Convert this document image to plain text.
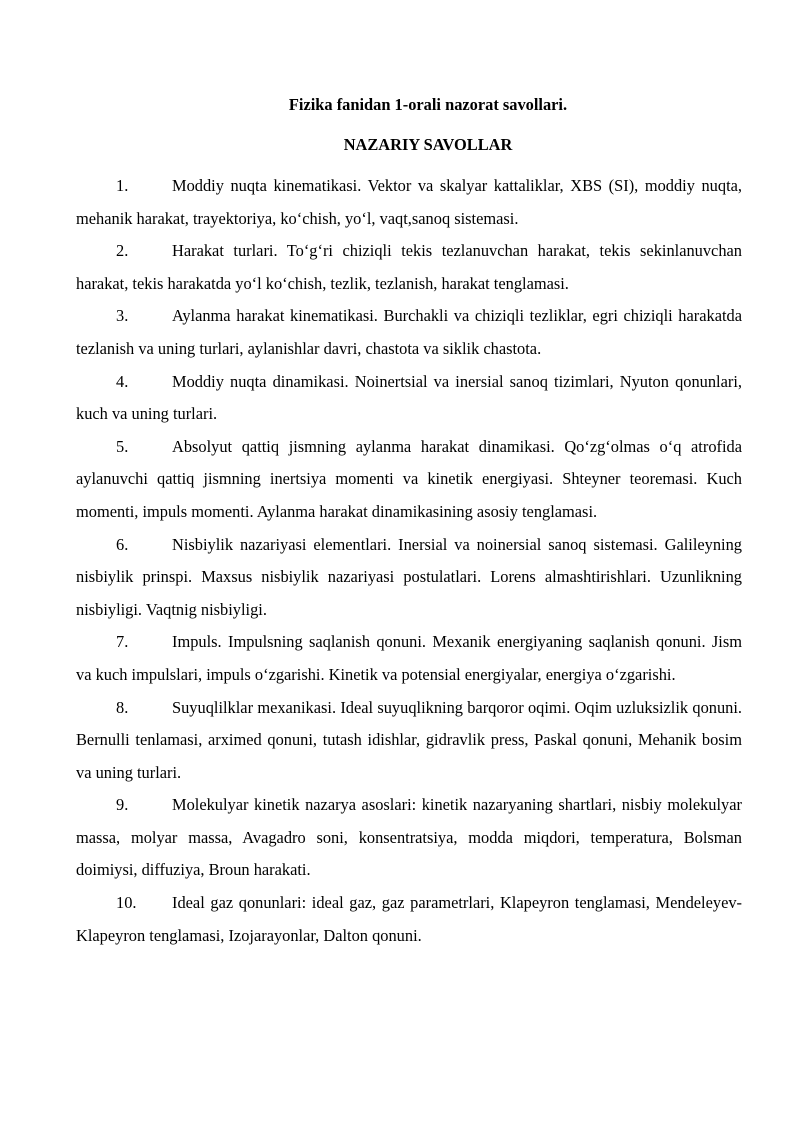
Fizika fanidan 1-orali nazorat savollari.
NAZARIY SAVOLLAR

1.	Moddiy nuqta kinematikasi. Vektor va skalyar kattaliklar, XBS (SI), moddiy nuqta, mehanik harakat, trayektoriya, ko‘chish, yo‘l, vaqt,sanoq sistemasi.

2.	Harakat turlari. To‘g‘ri chiziqli tekis tezlanuvchan harakat, tekis sekinlanuvchan harakat, tekis harakatda yo‘l ko‘chish, tezlik, tezlanish, harakat tenglamasi.

3.	Aylanma harakat kinematikasi. Burchakli va chiziqli tezliklar, egri chiziqli harakatda tezlanish va uning turlari, aylanishlar davri, chastota va siklik chastota.

4.	Moddiy nuqta dinamikasi. Noinertsial va inersial sanoq tizimlari, Nyuton qonunlari, kuch va uning turlari.

5.	Absolyut qattiq jismning aylanma harakat dinamikasi. Qo‘zg‘olmas o‘q atrofida aylanuvchi qattiq jismning inertsiya momenti va kinetik energiyasi. Shteyner teoremasi. Kuch momenti, impuls momenti. Aylanma harakat dinamikasining asosiy tenglamasi.

6.	Nisbiylik nazariyasi elementlari. Inersial va noinersial sanoq sistemasi. Galileyning nisbiylik prinspi. Maxsus nisbiylik nazariyasi postulatlari. Lorens almashtirishlari. Uzunlikning nisbiyligi. Vaqtnig nisbiyligi.

7.	Impuls. Impulsning saqlanish qonuni. Mexanik energiyaning saqlanish qonuni. Jism va kuch impulslari, impuls o‘zgarishi. Kinetik va potensial energiyalar, energiya o‘zgarishi.

8.	Suyuqlilklar mexanikasi. Ideal suyuqlikning barqoror oqimi. Oqim uzluksizlik qonuni. Bernulli tenlamasi, arximed qonuni, tutash idishlar, gidravlik press, Paskal qonuni, Mehanik bosim va uning turlari.

9.	Molekulyar kinetik nazarya asoslari: kinetik nazaryaning shartlari, nisbiy molekulyar massa, molyar massa, Avagadro soni, konsentratsiya, modda miqdori, temperatura, Bolsman doimiysi, diffuziya, Broun harakati.

10. Ideal gaz qonunlari: ideal gaz, gaz parametrlari, Klapeyron tenglamasi, Mendeleyev-Klapeyron tenglamasi, Izojarayonlar, Dalton qonuni.
